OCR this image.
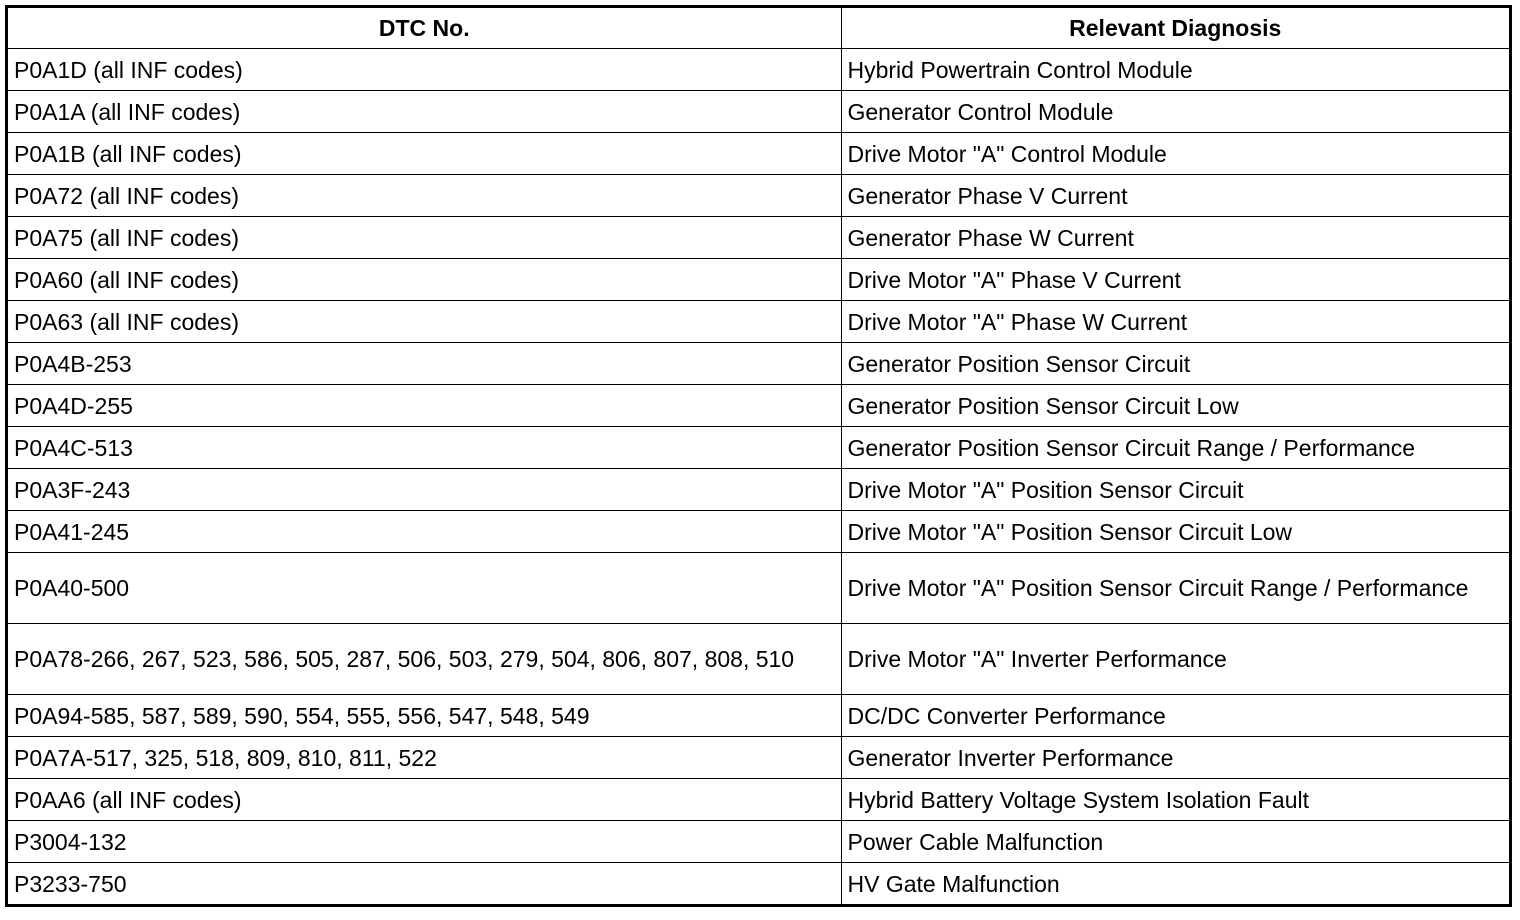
DTC No.	Relevant Diagnosis
P0A1D (all INF codes)	Hybrid Powertrain Control Module
P0A1A (all INF codes)	Generator Control Module
P0A1B (all INF codes)	Drive Motor "A" Control Module
P0A72 (all INF codes)	Generator Phase V Current
P0A75 (all INF codes)	Generator Phase W Current
P0A60 (all INF codes)	Drive Motor "A" Phase V Current
P0A63 (all INF codes)	Drive Motor "A" Phase W Current
P0A4B-253	Generator Position Sensor Circuit
P0A4D-255	Generator Position Sensor Circuit Low
P0A4C-513	Generator Position Sensor Circuit Range / Performance
P0A3F-243	Drive Motor "A" Position Sensor Circuit
P0A41-245	Drive Motor "A" Position Sensor Circuit Low
P0A40-500	Drive Motor "A" Position Sensor Circuit Range / Performance
P0A78-266, 267, 523, 586, 505, 287, 506, 503, 279, 504, 806, 807, 808, 510	Drive Motor "A" Inverter Performance
P0A94-585, 587, 589, 590, 554, 555, 556, 547, 548, 549	DC/DC Converter Performance
P0A7A-517, 325, 518, 809, 810, 811, 522	Generator Inverter Performance
P0AA6 (all INF codes)	Hybrid Battery Voltage System Isolation Fault
P3004-132	Power Cable Malfunction
P3233-750	HV Gate Malfunction
